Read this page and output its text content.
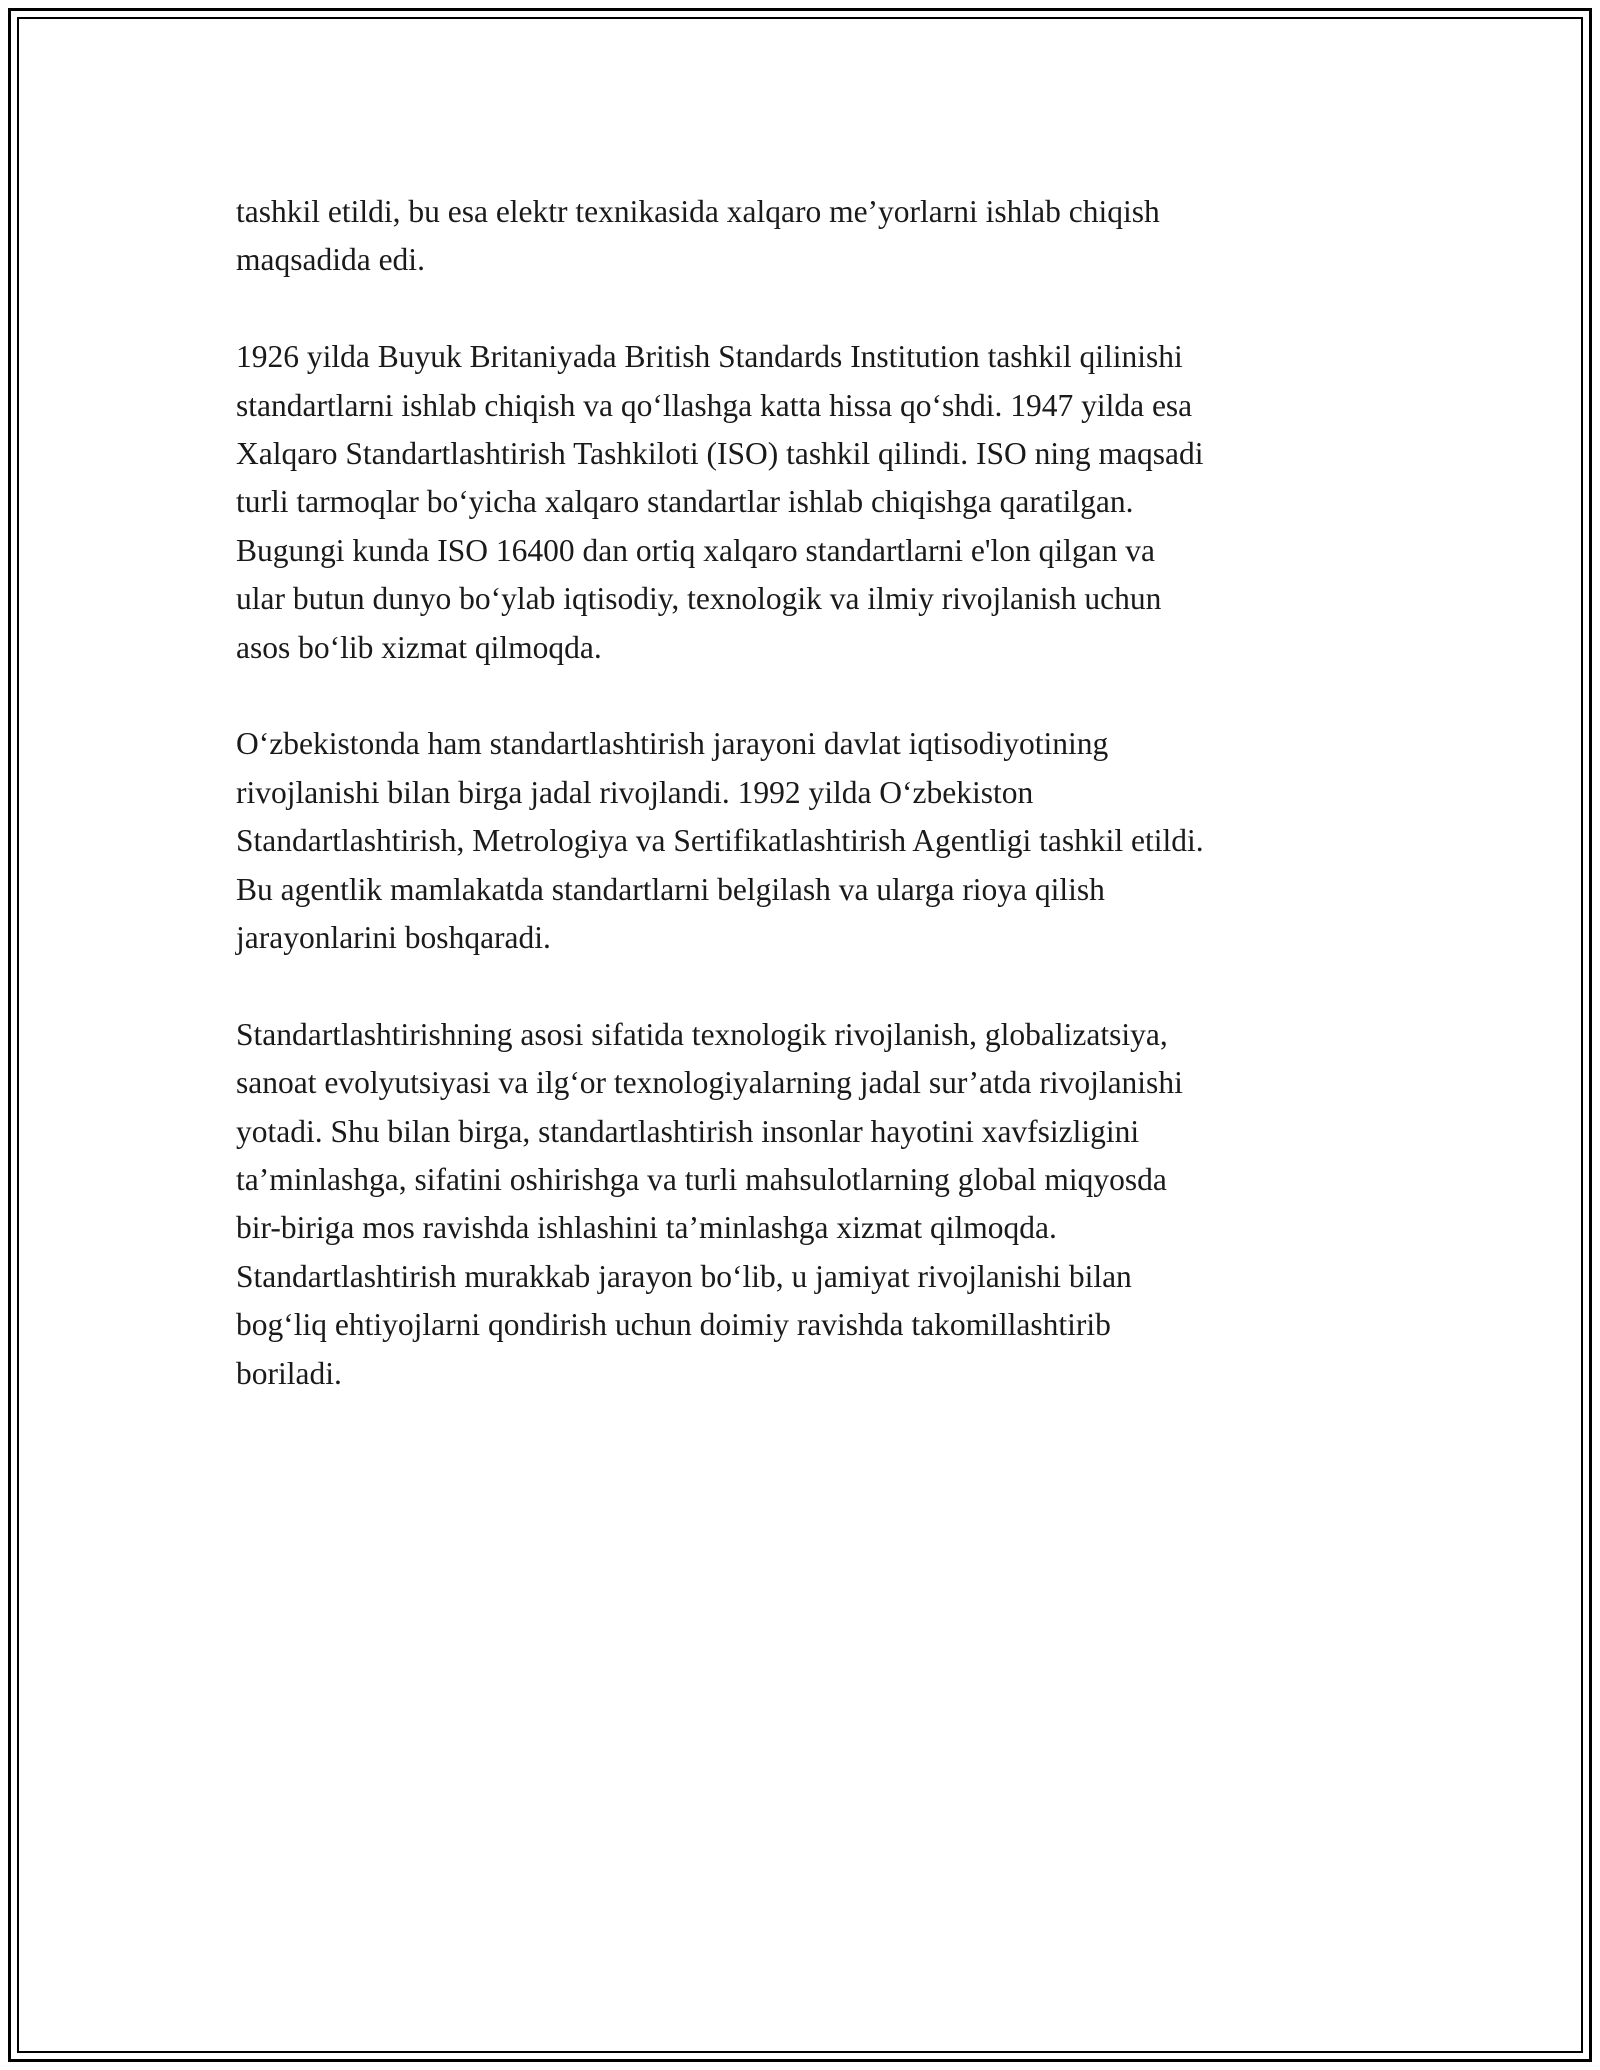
tashkil etildi, bu esa elektr texnikasida xalqaro me’yorlarni ishlab chiqish
maqsadida edi.

1926 yilda Buyuk Britaniyada British Standards Institution tashkil qilinishi
standartlarni ishlab chiqish va qo‘llashga katta hissa qo‘shdi. 1947 yilda esa
Xalqaro Standartlashtirish Tashkiloti (ISO) tashkil qilindi. ISO ning maqsadi
turli tarmoqlar bo‘yicha xalqaro standartlar ishlab chiqishga qaratilgan.
Bugungi kunda ISO 16400 dan ortiq xalqaro standartlarni e'lon qilgan va
ular butun dunyo bo‘ylab iqtisodiy, texnologik va ilmiy rivojlanish uchun
asos bo‘lib xizmat qilmoqda.

O‘zbekistonda ham standartlashtirish jarayoni davlat iqtisodiyotining
rivojlanishi bilan birga jadal rivojlandi. 1992 yilda O‘zbekiston
Standartlashtirish, Metrologiya va Sertifikatlashtirish Agentligi tashkil etildi.
Bu agentlik mamlakatda standartlarni belgilash va ularga rioya qilish
jarayonlarini boshqaradi.

Standartlashtirishning asosi sifatida texnologik rivojlanish, globalizatsiya,
sanoat evolyutsiyasi va ilg‘or texnologiyalarning jadal sur’atda rivojlanishi
yotadi. Shu bilan birga, standartlashtirish insonlar hayotini xavfsizligini
ta’minlashga, sifatini oshirishga va turli mahsulotlarning global miqyosda
bir-biriga mos ravishda ishlashini ta’minlashga xizmat qilmoqda.
Standartlashtirish murakkab jarayon bo‘lib, u jamiyat rivojlanishi bilan
bog‘liq ehtiyojlarni qondirish uchun doimiy ravishda takomillashtirib
boriladi.
